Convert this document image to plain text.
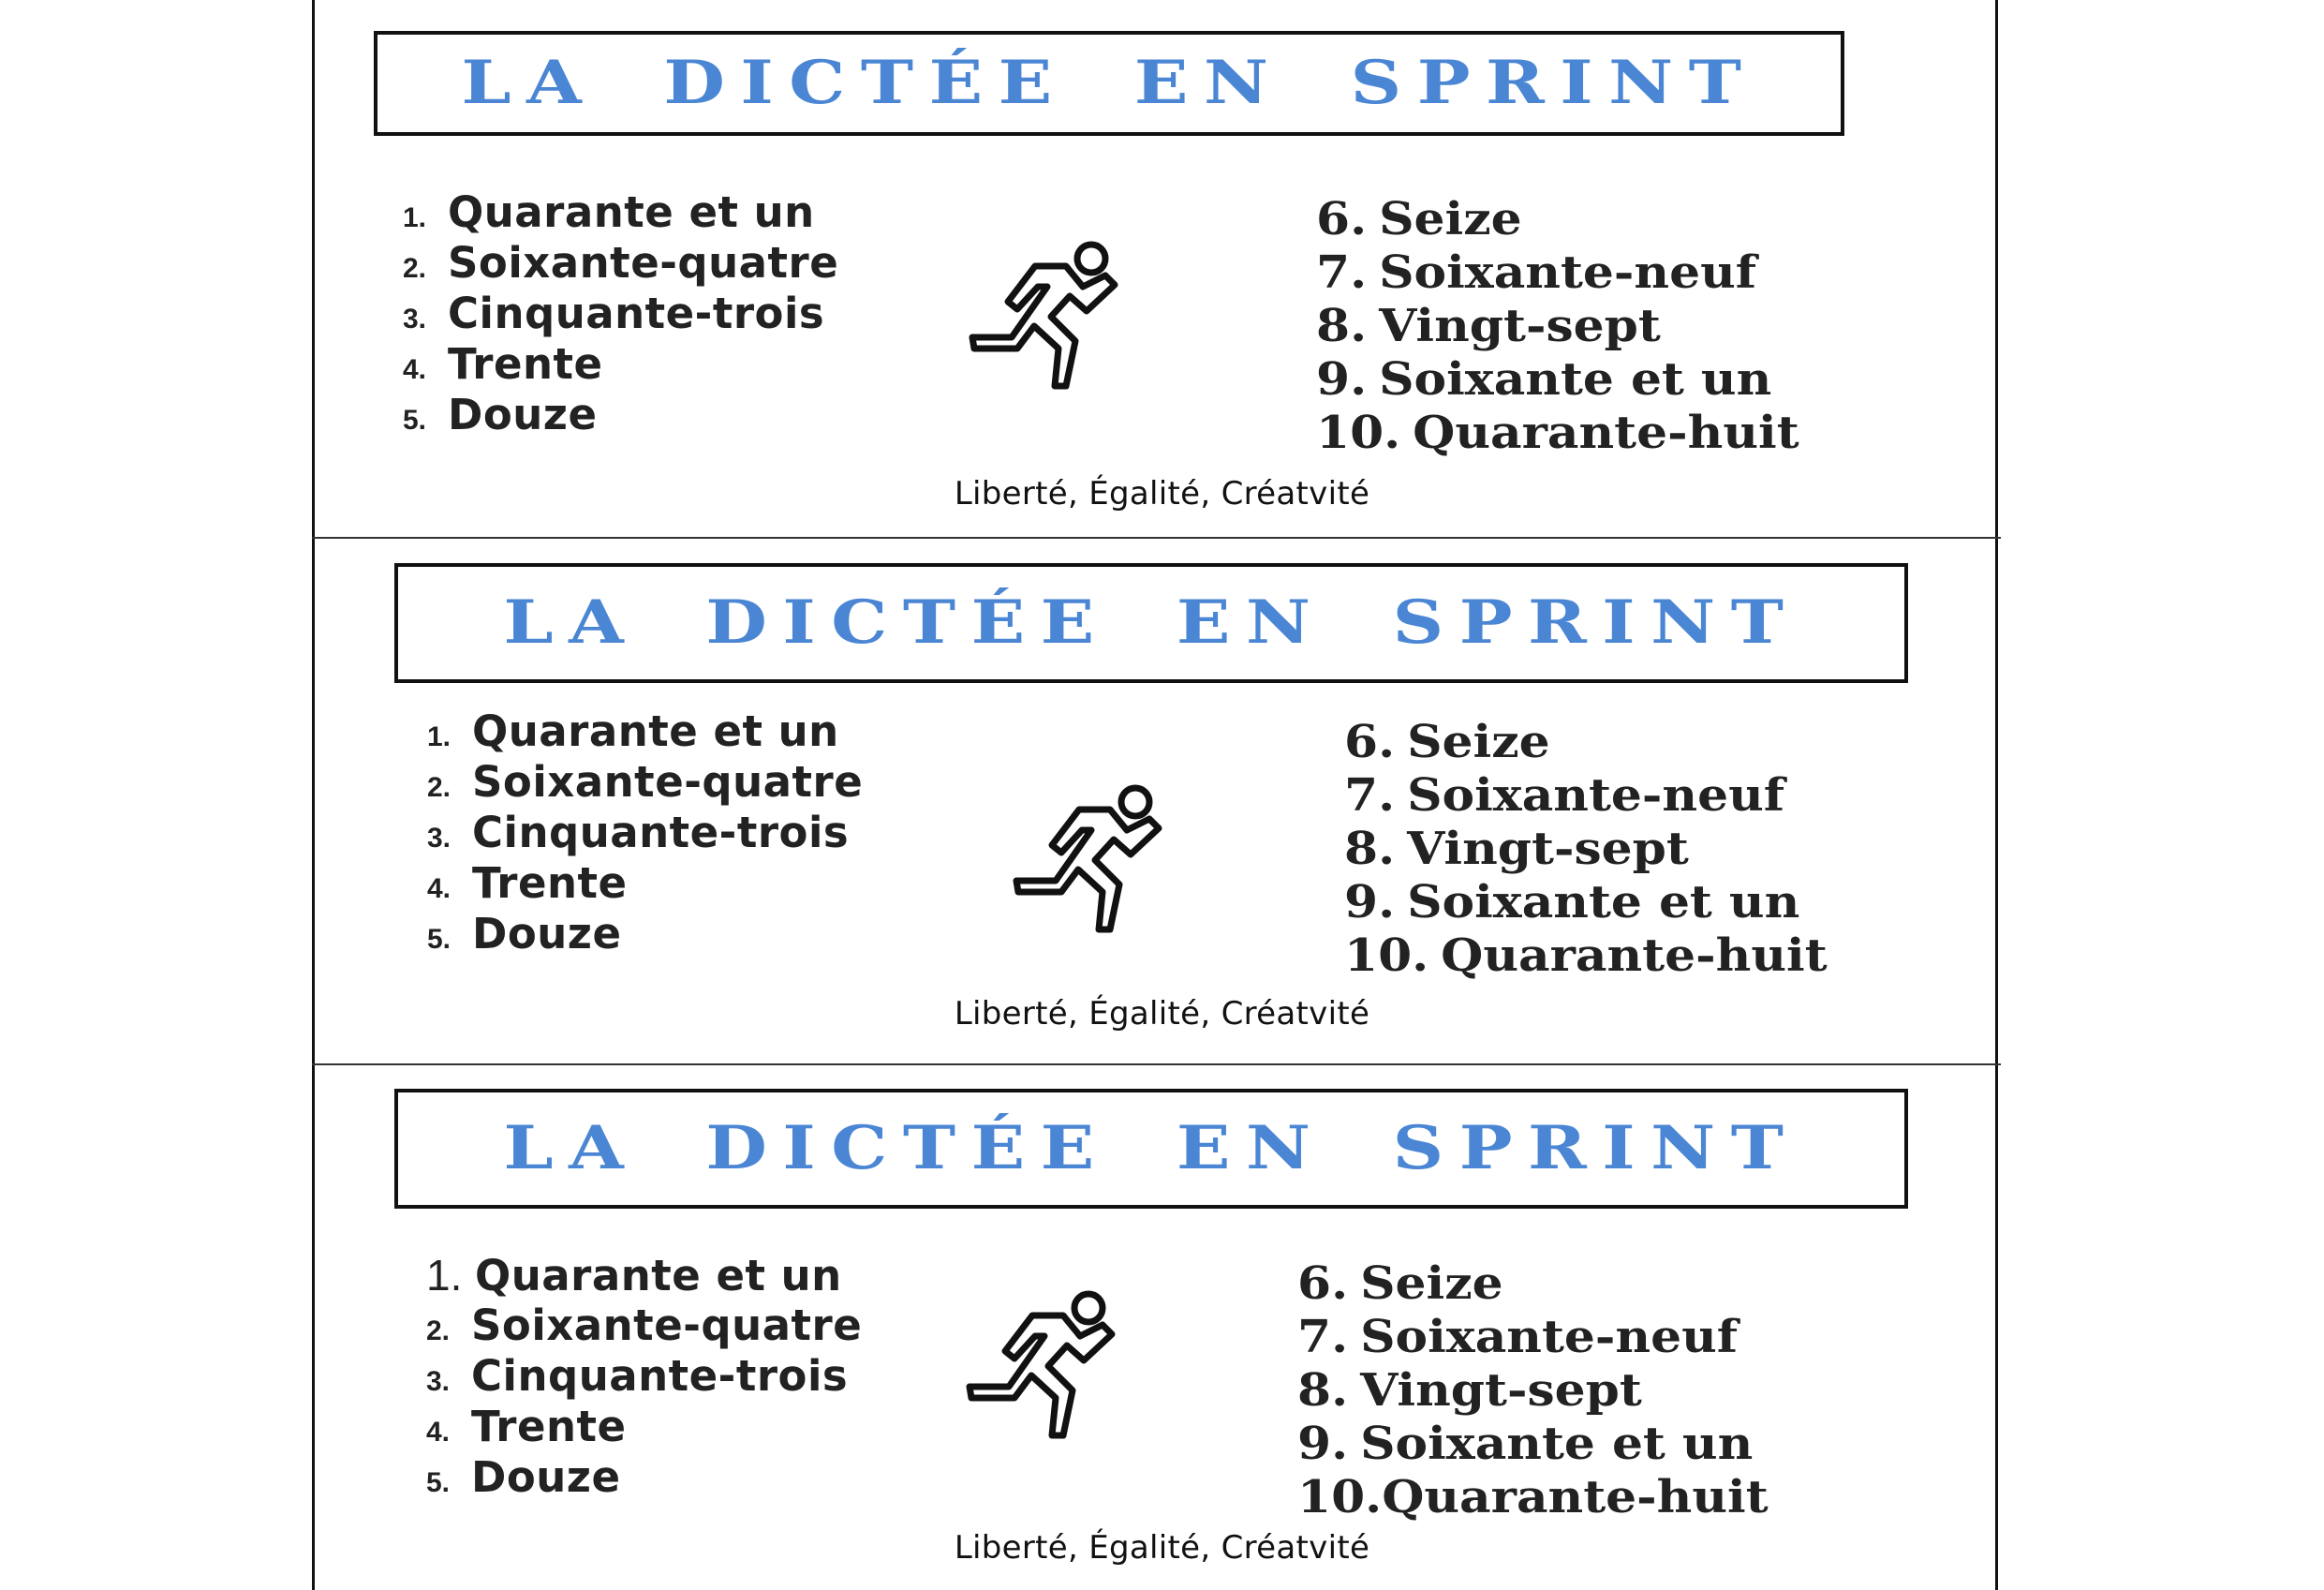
LA DICTÉE EN SPRINT
1. Quarante et un
2. Soixante-quatre
3. Cinquante-trois
4. Trente
5. Douze
6. Seize
7. Soixante-neuf
8. Vingt-sept
9. Soixante et un
10. Quarante-huit
Liberté, Égalité, Créatvité
LA DICTÉE EN SPRINT
1. Quarante et un
2. Soixante-quatre
3. Cinquante-trois
4. Trente
5. Douze
6. Seize
7. Soixante-neuf
8. Vingt-sept
9. Soixante et un
10. Quarante-huit
Liberté, Égalité, Créatvité
LA DICTÉE EN SPRINT
1. Quarante et un
2. Soixante-quatre
3. Cinquante-trois
4. Trente
5. Douze
6. Seize
7. Soixante-neuf
8. Vingt-sept
9. Soixante et un
10.Quarante-huit
Liberté, Égalité, Créatvité
